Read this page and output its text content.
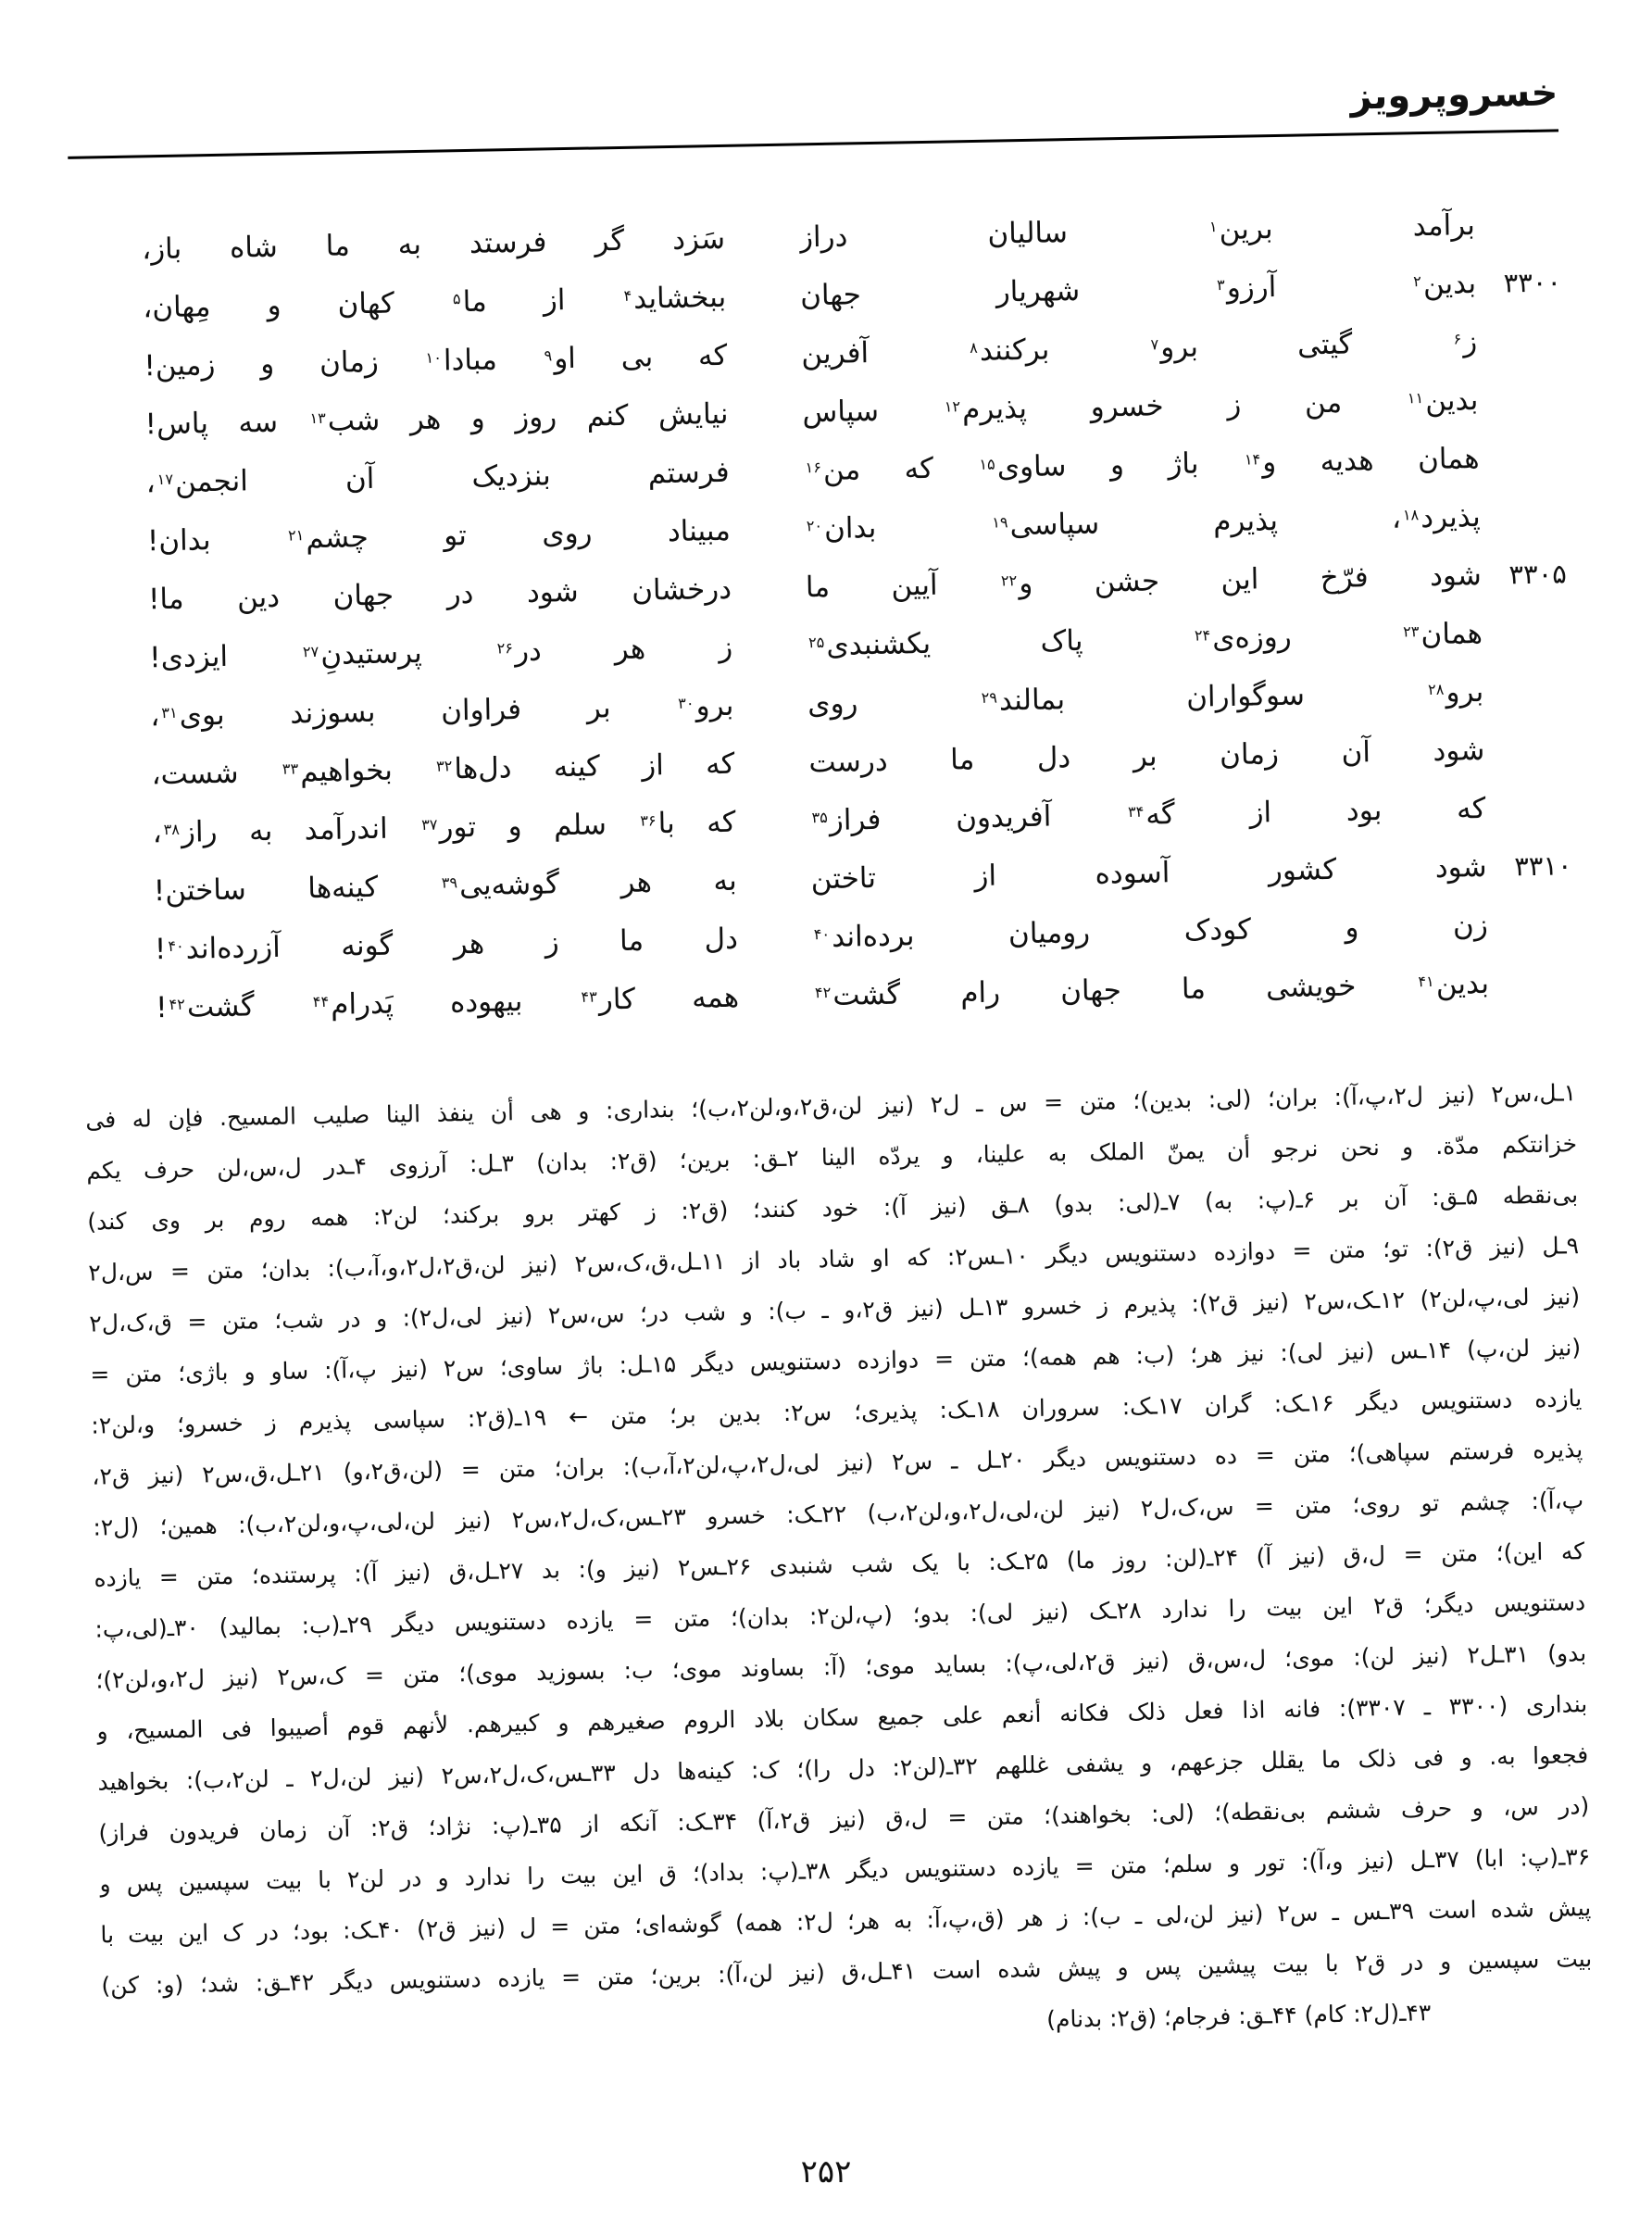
خسروپرویز
برآمد برین$^۱$ سالیان دراز
سَزد گر فرستد به ما شاه باز،
۳۳۰۰
بدین$^۲$ آرزو$^۳$ شهریار جهان
ببخشاید$^۴$ از ما$^۵$ کهان و مِهان،
ز$^۶$ گیتی برو$^۷$ برکنند$^۸$ آفرین
که بی او$^۹$ مبادا$^{۱۰}$ زمان و زمین!
بدین$^{۱۱}$ من ز خسرو پذیرم$^{۱۲}$ سپاس
نیایش کنم روز و هر شب$^{۱۳}$ سه پاس!
همان هدیه و$^{۱۴}$ باژ و ساوی$^{۱۵}$ که من$^{۱۶}$
فرستم بنزدیک آن انجمن$^{۱۷}$،
پذیرد$^{۱۸}$، پذیرم سپاسی$^{۱۹}$ بدان$^{۲۰}$
مبیناد روی تو چشم$^{۲۱}$ بدان!
۳۳۰۵
شود فرّخ این جشن و$^{۲۲}$ آیین ما
درخشان شود در جهان دین ما!
همان$^{۲۳}$ روزه‌ی$^{۲۴}$ پاک یکشنبدی$^{۲۵}$
ز هر در$^{۲۶}$ پرستیدنِ$^{۲۷}$ ایزدی!
برو$^{۲۸}$ سوگواران بمالند$^{۲۹}$ روی
برو$^{۳۰}$ بر فراوان بسوزند بوی$^{۳۱}$،
شود آن زمان بر دل ما درست
که از کینه دل‌ها$^{۳۲}$ بخواهیم$^{۳۳}$ شست،
که بود از گه$^{۳۴}$ آفریدون فراز$^{۳۵}$
که با$^{۳۶}$ سلم و تور$^{۳۷}$ اندرآمد به راز$^{۳۸}$،
۳۳۱۰
شود کشور آسوده از تاختن
به هر گوشه‌یی$^{۳۹}$ کینه‌ها ساختن!
زن و کودک رومیان برده‌اند$^{۴۰}$
دل ما ز هر گونه آزرده‌اند$^{۴۰}$!
بدین$^{۴۱}$ خویشی ما جهان رام گشت$^{۴۲}$
همه کار$^{۴۳}$ بیهوده پَدرام$^{۴۴}$ گشت$^{۴۲}$!
۱ـل،س۲ (نیز ل۲،پ،آ): بران؛ (لی: بدین)؛ متن = س ـ ل۲ (نیز لن،ق۲،و،لن۲،ب)؛ بنداری: و هی أن ینفذ الینا صلیب المسیح. فإن له فی
خزانتکم مدّة. و نحن نرجو أن یمنّ الملک به علینا، و یردّه الینا ۲ـق: برین؛ (ق۲: بدان) ۳ـل: آرزوی ۴ـدر ل،س،لن حرف یکم
بی‌نقطه ۵ـق: آن بر ۶ـ(پ: به) ۷ـ(لی: بدو) ۸ـق (نیز آ): خود کنند؛ (ق۲: ز کهتر برو برکند؛ لن۲: همه روم بر وی کند)
۹ـل (نیز ق۲): تو؛ متن = دوازده دستنویس دیگر ۱۰ـس۲: که او شاد باد از ۱۱ـل،ق،ک،س۲ (نیز لن،ق۲،ل۲،و،آ،ب): بدان؛ متن = س،ل۲
(نیز لی،پ،لن۲) ۱۲ـک،س۲ (نیز ق۲): پذیرم ز خسرو ۱۳ـل (نیز ق۲،و ـ ب): و شب در؛ س،س۲ (نیز لی،ل۲): و در شب؛ متن = ق،ک،ل۲
(نیز لن،پ) ۱۴ـس (نیز لی): نیز هر؛ (ب: هم همه)؛ متن = دوازده دستنویس دیگر ۱۵ـل: باژ ساوی؛ س۲ (نیز پ،آ): ساو و باژی؛ متن =
یازده دستنویس دیگر ۱۶ـک: گران ۱۷ـک: سروران ۱۸ـک: پذیری؛ س۲: بدین بر؛ متن ← ۱۹ـ(ق۲: سپاسی پذیرم ز خسرو؛ و،لن۲:
پذیره فرستم سپاهی)؛ متن = ده دستنویس دیگر ۲۰ـل ـ س۲ (نیز لی،ل۲،پ،لن۲،آ،ب): بران؛ متن = (لن،ق۲،و) ۲۱ـل،ق،س۲ (نیز ق۲،
پ،آ): چشم تو روی؛ متن = س،ک،ل۲ (نیز لن،لی،ل۲،و،لن۲،ب) ۲۲ـک: خسرو ۲۳ـس،ک،ل۲،س۲ (نیز لن،لی،پ،و،لن۲،ب): همین؛ (ل۲:
که این)؛ متن = ل،ق (نیز آ) ۲۴ـ(لن: روز ما) ۲۵ـک: با یک شب شنبدی ۲۶ـس۲ (نیز و): بد ۲۷ـل،ق (نیز آ): پرستنده؛ متن = یازده
دستنویس دیگر؛ ق۲ این بیت را ندارد ۲۸ـک (نیز لی): بدو؛ (پ،لن۲: بدان)؛ متن = یازده دستنویس دیگر ۲۹ـ(ب: بمالید) ۳۰ـ(لی،پ:
بدو) ۳۱ـل۲ (نیز لن): موی؛ ل،س،ق (نیز ق۲،لی،پ): بساید موی؛ (آ: بساوند موی؛ ب: بسوزید موی)؛ متن = ک،س۲ (نیز ل۲،و،لن۲)؛
بنداری (۳۳۰۰ ـ ۳۳۰۷): فانه اذا فعل ذلک فکانه أنعم علی جمیع سکان بلاد الروم صغیرهم و کبیرهم. لأنهم قوم أصیبوا فی المسیح، و
فجعوا به. و فی ذلک ما یقلل جزعهم، و یشفی غللهم ۳۲ـ(لن۲: دل را)؛ ک: کینه‌ها دل ۳۳ـس،ک،ل۲،س۲ (نیز لن،ل۲ ـ لن۲،ب): بخواهید
(در س، و حرف ششم بی‌نقطه)؛ (لی: بخواهند)؛ متن = ل،ق (نیز ق۲،آ) ۳۴ـک: آنکه از ۳۵ـ(پ: نژاد؛ ق۲: آن زمان فریدون فراز)
۳۶ـ(پ: ابا) ۳۷ـل (نیز و،آ): تور و سلم؛ متن = یازده دستنویس دیگر ۳۸ـ(پ: بداد)؛ ق این بیت را ندارد و در لن۲ با بیت سپسین پس و
پیش شده است ۳۹ـس ـ س۲ (نیز لن،لی ـ ب): ز هر (ق،پ،آ: به هر؛ ل۲: همه) گوشه‌ای؛ متن = ل (نیز ق۲) ۴۰ـک: بود؛ در ک این بیت با
بیت سپسین و در ق۲ با بیت پیشین پس و پیش شده است ۴۱ـل،ق (نیز لن،آ): برین؛ متن = یازده دستنویس دیگر ۴۲ـق: شد؛ (و: کن)
۴۳ـ(ل۲: کام) ۴۴ـق: فرجام؛ (ق۲: بدنام)
۲۵۲
